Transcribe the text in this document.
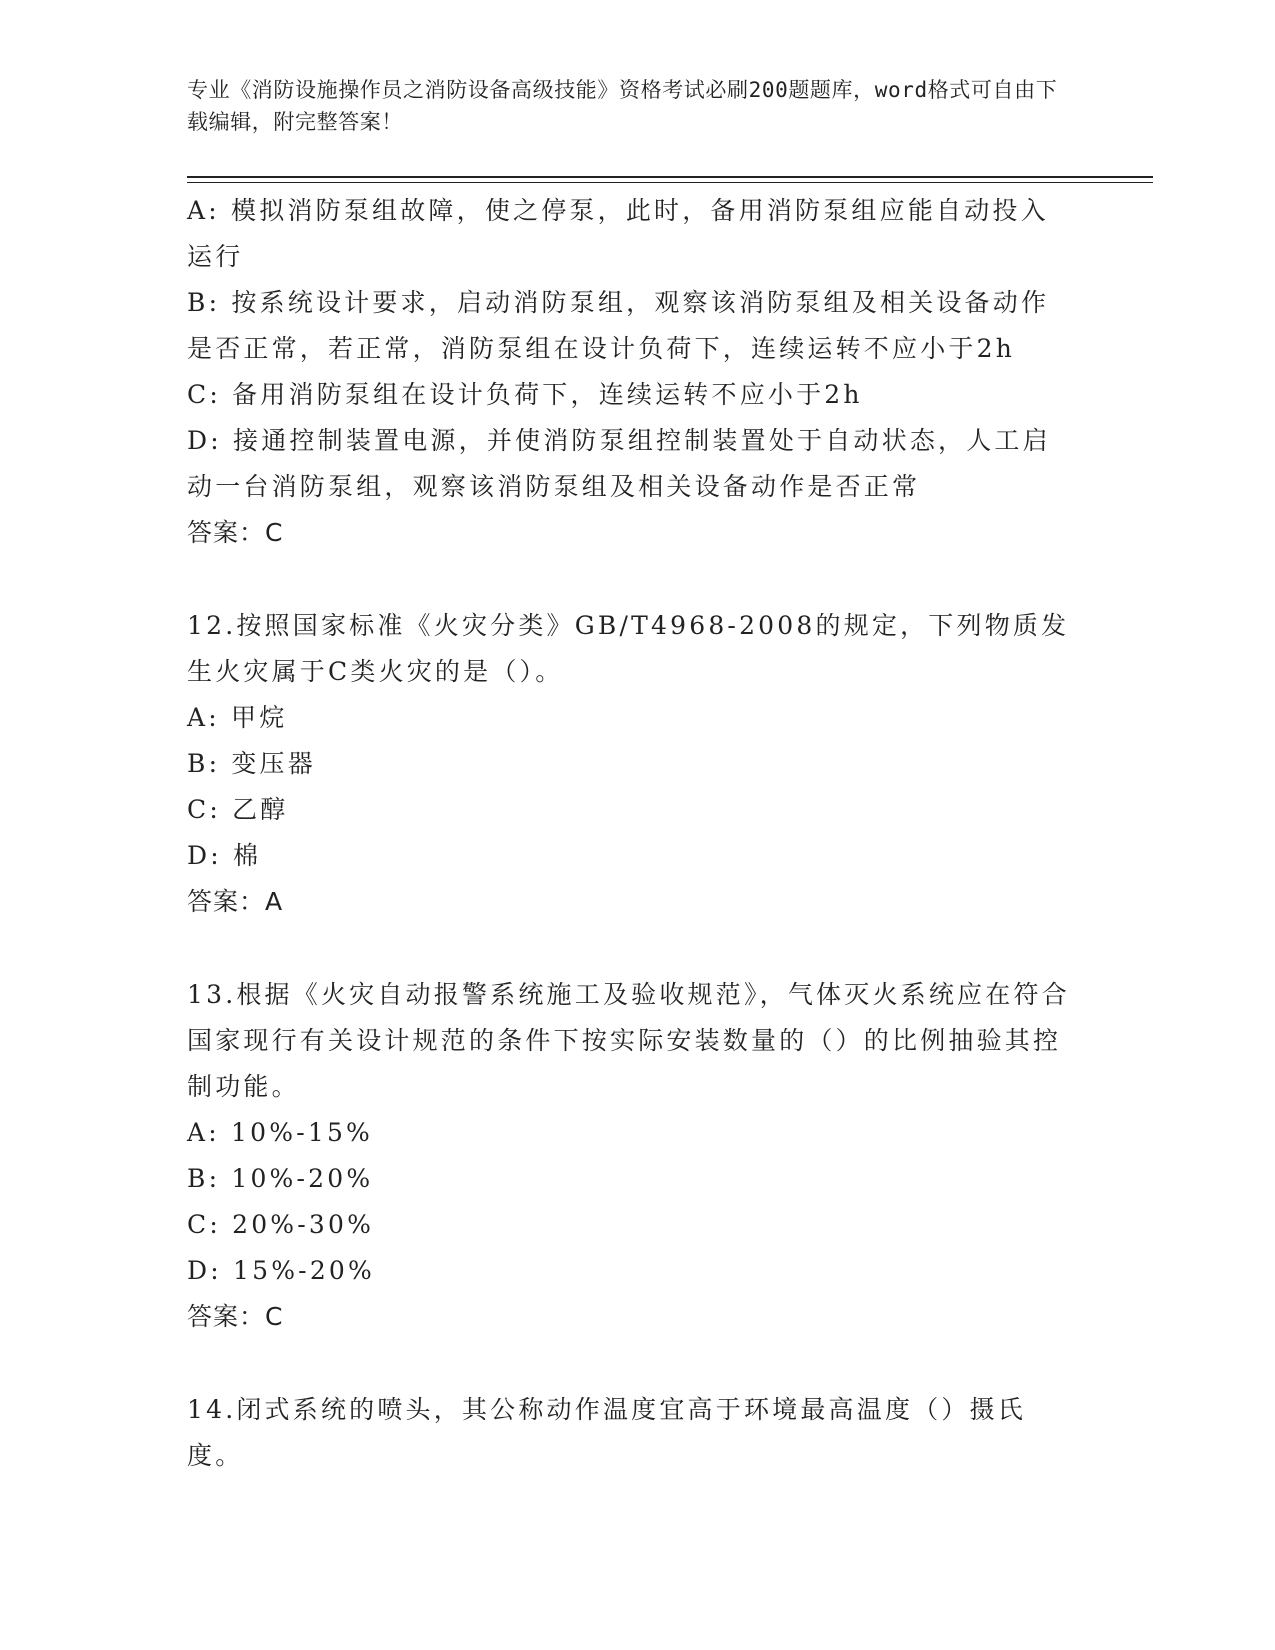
专业《消防设施操作员之消防设备高级技能》资格考试必刷200题题库，word格式可自由下载编辑，附完整答案！
A: 模拟消防泵组故障，使之停泵，此时，备用消防泵组应能自动投入运行
B: 按系统设计要求，启动消防泵组，观察该消防泵组及相关设备动作是否正常，若正常，消防泵组在设计负荷下，连续运转不应小于2h
C: 备用消防泵组在设计负荷下，连续运转不应小于2h
D: 接通控制装置电源，并使消防泵组控制装置处于自动状态，人工启动一台消防泵组，观察该消防泵组及相关设备动作是否正常
答案：C
12.按照国家标准《火灾分类》GB/T4968-2008的规定，下列物质发生火灾属于C类火灾的是（）。
A: 甲烷
B: 变压器
C: 乙醇
D: 棉
答案：A
13.根据《火灾自动报警系统施工及验收规范》，气体灭火系统应在符合国家现行有关设计规范的条件下按实际安装数量的（）的比例抽验其控制功能。
A: 10%-15%
B: 10%-20%
C: 20%-30%
D: 15%-20%
答案：C
14.闭式系统的喷头，其公称动作温度宜高于环境最高温度（）摄氏度。
